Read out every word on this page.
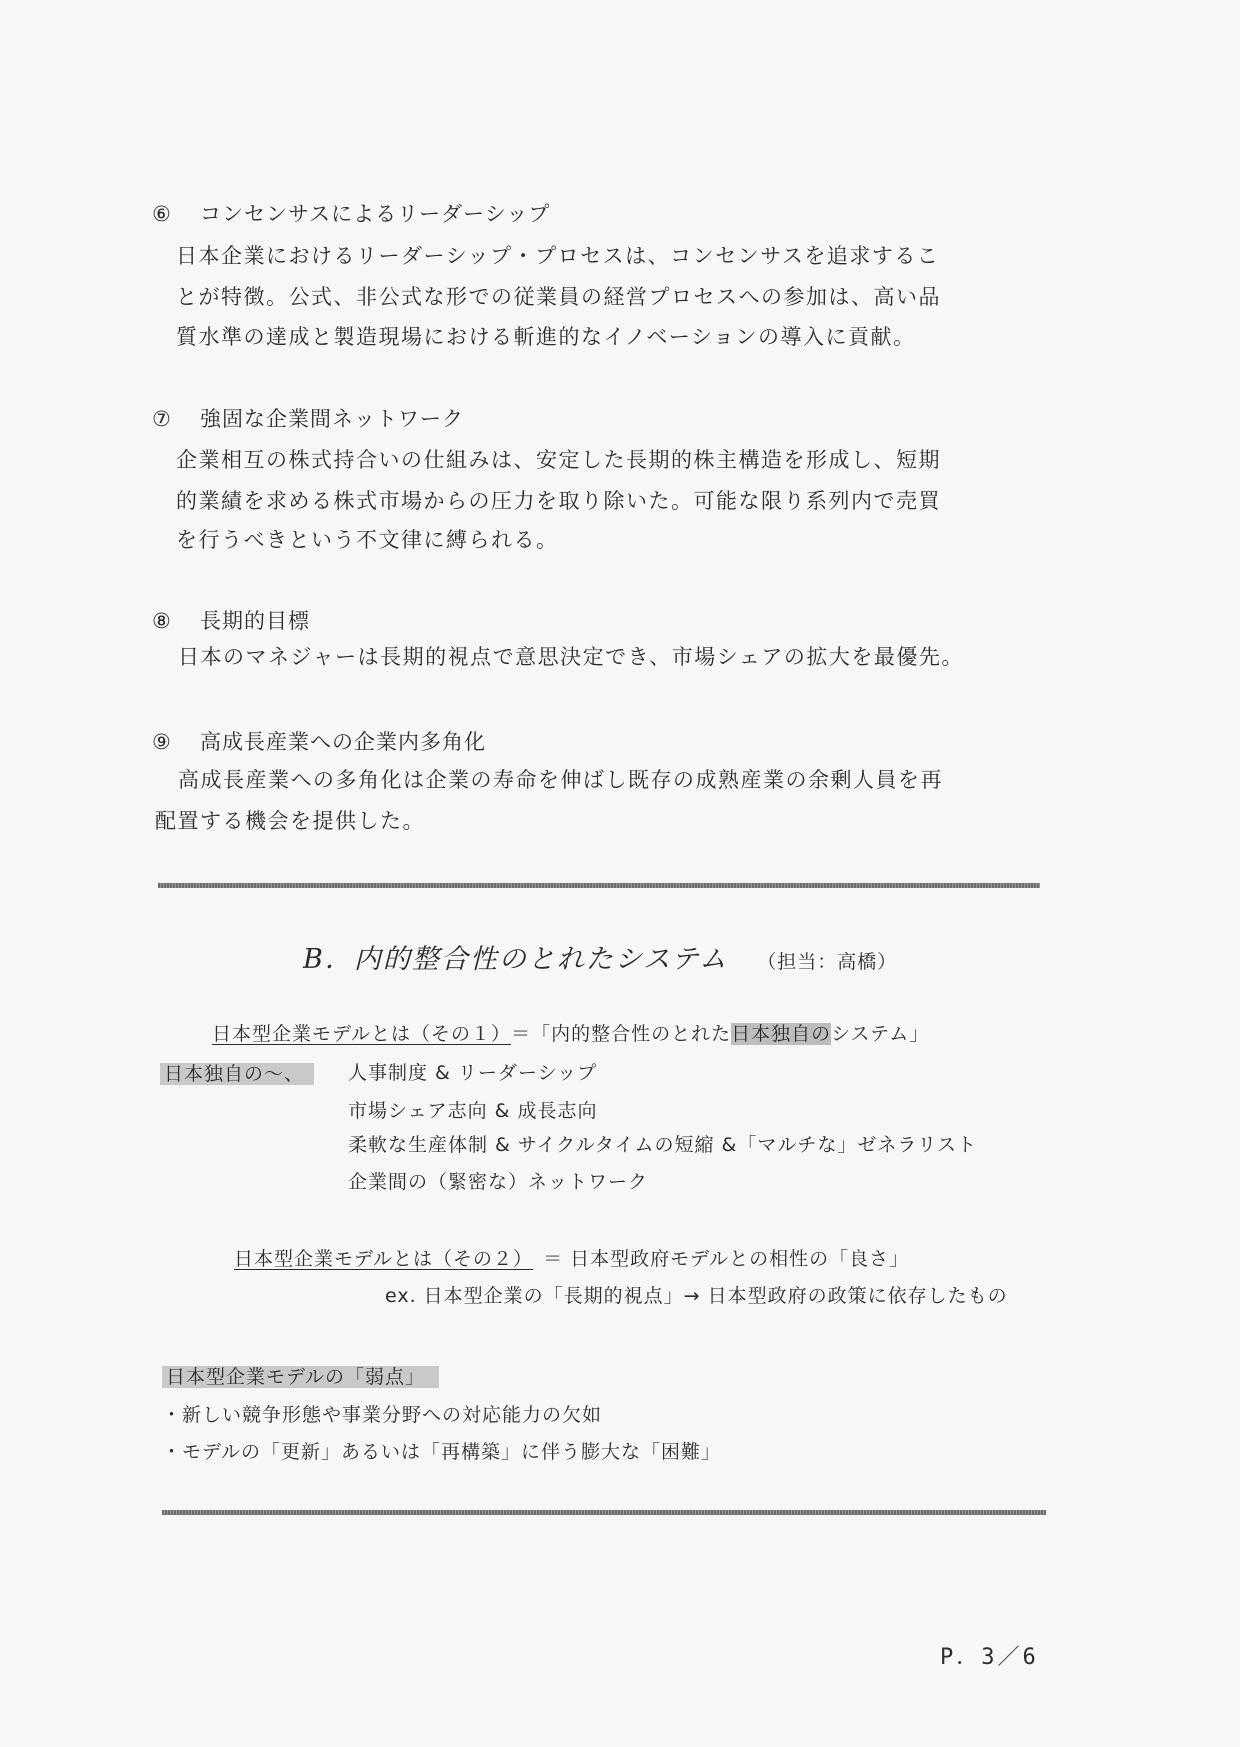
⑥ コンセンサスによるリーダーシップ
日本企業におけるリーダーシップ・プロセスは、コンセンサスを追求するこ
とが特徴。公式、非公式な形での従業員の経営プロセスへの参加は、高い品
質水準の達成と製造現場における斬進的なイノベーションの導入に貢献。
⑦ 強固な企業間ネットワーク
企業相互の株式持合いの仕組みは、安定した長期的株主構造を形成し、短期
的業績を求める株式市場からの圧力を取り除いた。可能な限り系列内で売買
を行うべきという不文律に縛られる。
⑧ 長期的目標
日本のマネジャーは長期的視点で意思決定でき、市場シェアの拡大を最優先。
⑨ 高成長産業への企業内多角化
高成長産業への多角化は企業の寿命を伸ばし既存の成熟産業の余剰人員を再
配置する機会を提供した。
B．内的整合性のとれたシステム （担当：高橋）
日本型企業モデルとは（その１）＝「内的整合性のとれた日本独自のシステム」
日本独自の～、	人事制度 & リーダーシップ
市場シェア志向 & 成長志向
柔軟な生産体制 & サイクルタイムの短縮 &「マルチな」ゼネラリスト
企業間の（緊密な）ネットワーク
日本型企業モデルとは（その２） ＝ 日本型政府モデルとの相性の「良さ」
ex. 日本型企業の「長期的視点」→ 日本型政府の政策に依存したもの
日本型企業モデルの「弱点」
・新しい競争形態や事業分野への対応能力の欠如
・モデルの「更新」あるいは「再構築」に伴う膨大な「困難」
P．3／6
